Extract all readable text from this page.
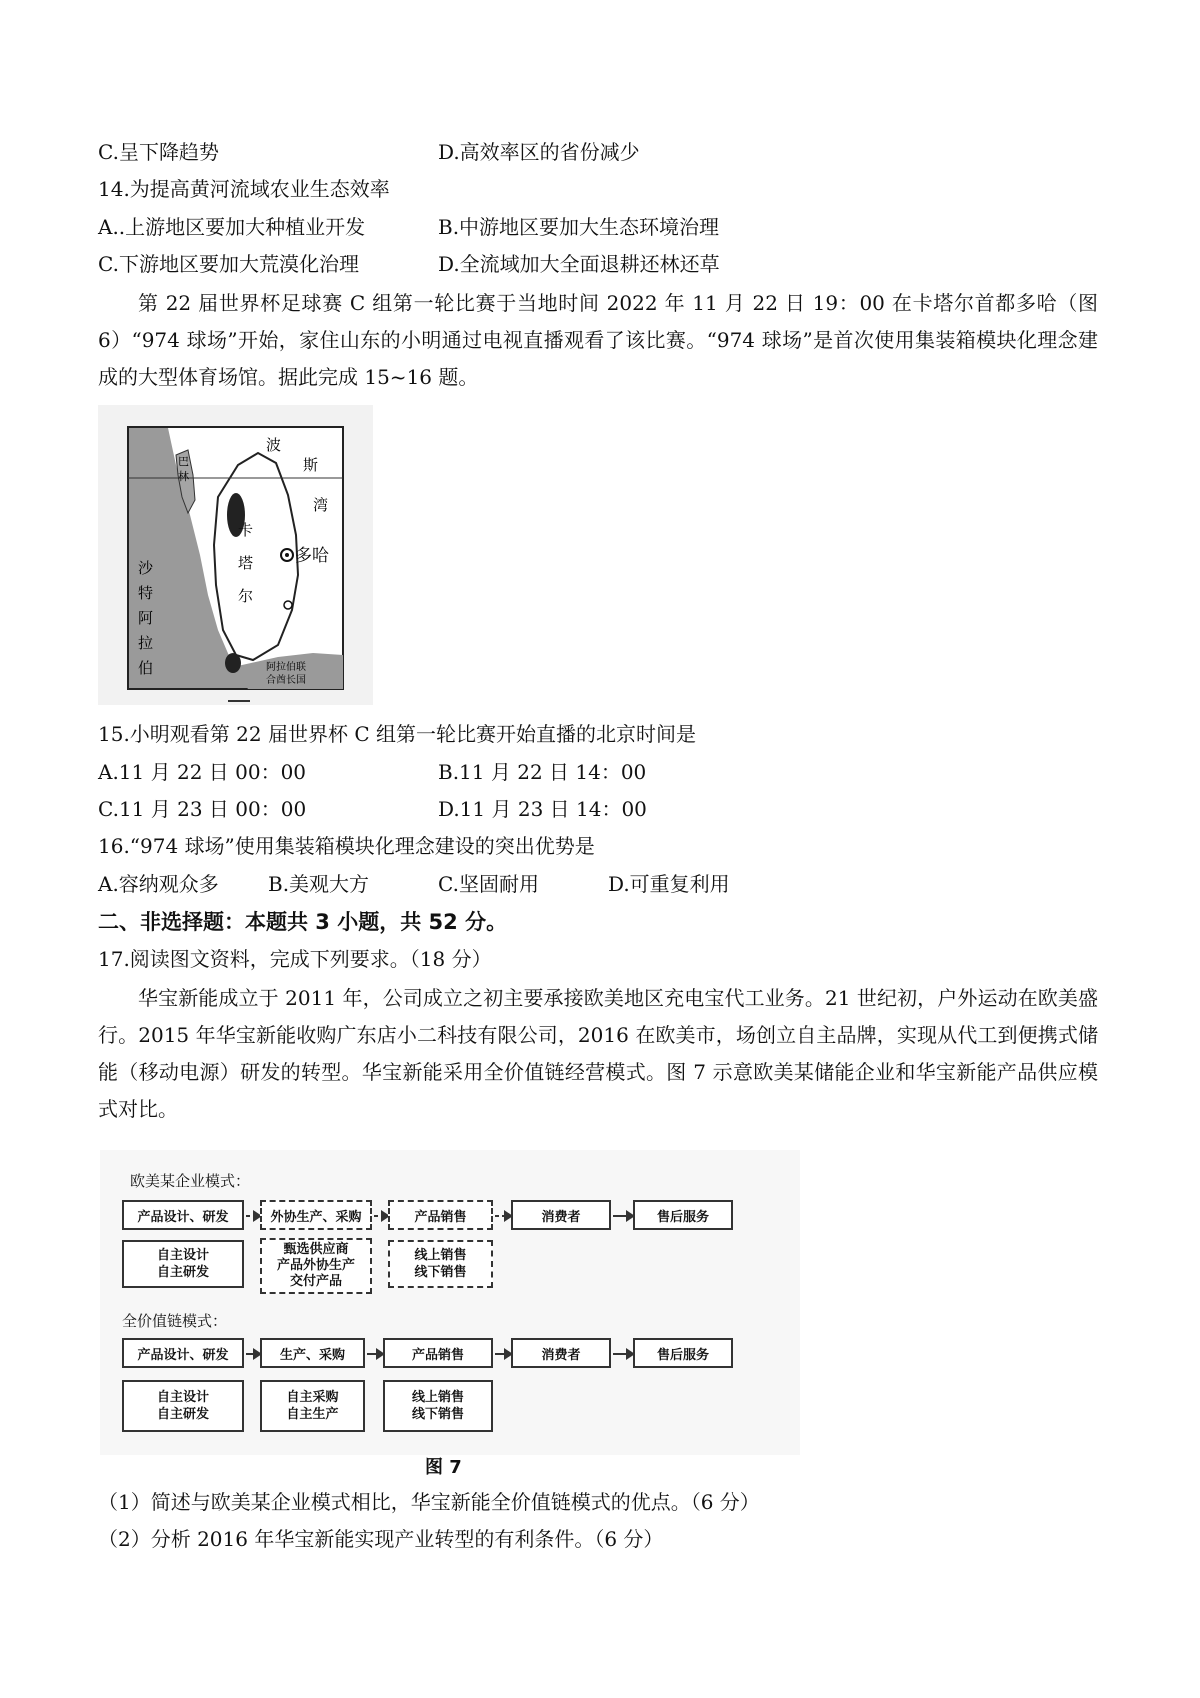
C.呈下降趋势	D.高效率区的省份减少
14.为提高黄河流域农业生态效率
A..上游地区要加大种植业开发	B.中游地区要加大生态环境治理
C.下游地区要加大荒漠化治理	D.全流域加大全面退耕还林还草
第 22 届世界杯足球赛 C 组第一轮比赛于当地时间 2022 年 11 月 22 日 19：00 在卡塔尔首都多哈（图 6）“974 球场”开始，家住山东的小明通过电视直播观看了该比赛。“974 球场”是首次使用集装箱模块化理念建成的大型体育场馆。据此完成 15~16 题。
波
斯
湾
巴
林
卡
塔
尔
多哈
沙
特
阿
拉
伯	阿拉伯联
合酋长国
15.小明观看第 22 届世界杯 C 组第一轮比赛开始直播的北京时间是
A.11 月 22 日 00：00	B.11 月 22 日 14：00
C.11 月 23 日 00：00	D.11 月 23 日 14：00
16.“974 球场”使用集装箱模块化理念建设的突出优势是
A.容纳观众多 B.美观大方	C.坚固耐用	D.可重复利用
二、非选择题：本题共 3 小题，共 52 分。
17.阅读图文资料，完成下列要求。（18 分）
华宝新能成立于 2011 年，公司成立之初主要承接欧美地区充电宝代工业务。21 世纪初，户外运动在欧美盛行。2015 年华宝新能收购广东店小二科技有限公司，2016 在欧美市，场创立自主品牌，实现从代工到便携式储能（移动电源）研发的转型。华宝新能采用全价值链经营模式。图 7 示意欧美某储能企业和华宝新能产品供应模式对比。
欧美某企业模式：
产品设计、研发	外协生产、采购	产品销售	消费者	售后服务
自主设计
自主研发
甄选供应商
产品外协生产
交付产品
线上销售
线下销售
全价值链模式：
产品设计、研发	生产、采购	产品销售	消费者	售后服务
自主设计
自主研发
自主采购
自主生产
线上销售
线下销售
图 7
（1）简述与欧美某企业模式相比，华宝新能全价值链模式的优点。（6 分）
（2）分析 2016 年华宝新能实现产业转型的有利条件。（6 分）
